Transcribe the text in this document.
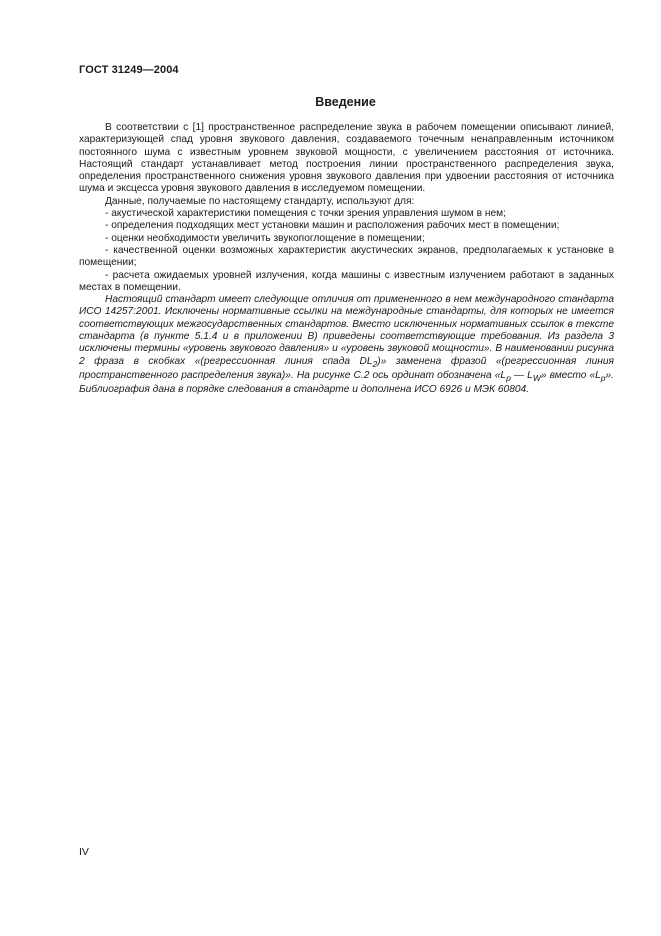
ГОСТ 31249—2004
Введение

В соответствии с [1] пространственное распределение звука в рабочем помещении описывают линией, характеризующей спад уровня звукового давления, создаваемого точечным ненаправленным источником постоянного шума с известным уровнем звуковой мощности, с увеличением расстояния от источника. Настоящий стандарт устанавливает метод построения линии пространственного распределения звука, определения пространственного снижения уровня звукового давления при удвоении расстояния от источника шума и эксцесса уровня звукового давления в исследуемом помещении.

Данные, получаемые по настоящему стандарту, используют для:

- акустической характеристики помещения с точки зрения управления шумом в нем;

- определения подходящих мест установки машин и расположения рабочих мест в помещении;

- оценки необходимости увеличить звукопоглощение в помещении;

- качественной оценки возможных характеристик акустических экранов, предполагаемых к установке в помещении;

- расчета ожидаемых уровней излучения, когда машины с известным излучением работают в заданных местах в помещении.

Настоящий стандарт имеет следующие отличия от примененного в нем международного стандарта ИСО 14257:2001. Исключены нормативные ссылки на международные стандарты, для которых не имеется соответствующих межгосударственных стандартов. Вместо исключенных нормативных ссылок в тексте стандарта (в пункте 5.1.4 и в приложении В) приведены соответствующие требования. Из раздела 3 исключены термины «уровень звукового давления» и «уровень звуковой мощности». В наименовании рисунка 2 фраза в скобках «(регрессионная линия спада $DL_2$)» заменена фразой «(регрессионная линия пространственного распределения звука)». На рисунке С.2 ось ординат обозначена «$L_p$ — $L_W$» вместо «$L_p$». Библиография дана в порядке следования в стандарте и дополнена ИСО 6926 и МЭК 60804.

IV
